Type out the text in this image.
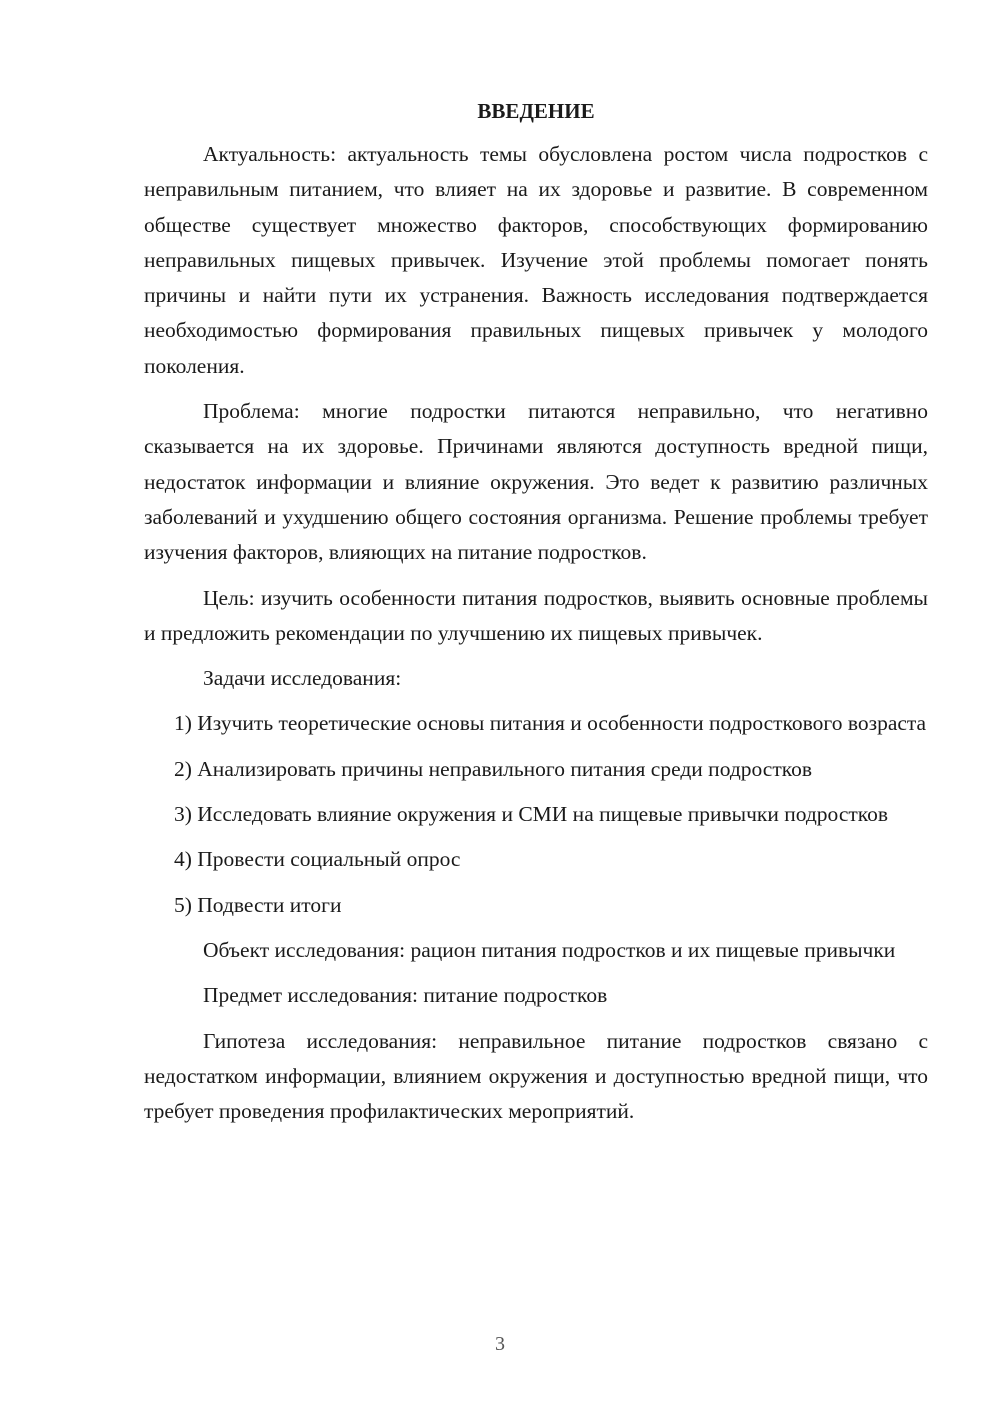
ВВЕДЕНИЕ

Актуальность: актуальность темы обусловлена ростом числа подростков с неправильным питанием, что влияет на их здоровье и развитие. В современном обществе существует множество факторов, способствующих формированию неправильных пищевых привычек. Изучение этой проблемы помогает понять причины и найти пути их устранения. Важность исследования подтверждается необходимостью формирования правильных пищевых привычек у молодого поколения.

Проблема: многие подростки питаются неправильно, что негативно сказывается на их здоровье. Причинами являются доступность вредной пищи, недостаток информации и влияние окружения. Это ведет к развитию различных заболеваний и ухудшению общего состояния организма. Решение проблемы требует изучения факторов, влияющих на питание подростков.

Цель: изучить особенности питания подростков, выявить основные проблемы и предложить рекомендации по улучшению их пищевых привычек.

Задачи исследования:

1) Изучить теоретические основы питания и особенности подросткового возраста

2) Анализировать причины неправильного питания среди подростков

3) Исследовать влияние окружения и СМИ на пищевые привычки подростков

4) Провести социальный опрос

5) Подвести итоги

Объект исследования: рацион питания подростков и их пищевые привычки

Предмет исследования: питание подростков

Гипотеза исследования: неправильное питание подростков связано с недостатком информации, влиянием окружения и доступностью вредной пищи, что требует проведения профилактических мероприятий.

3
